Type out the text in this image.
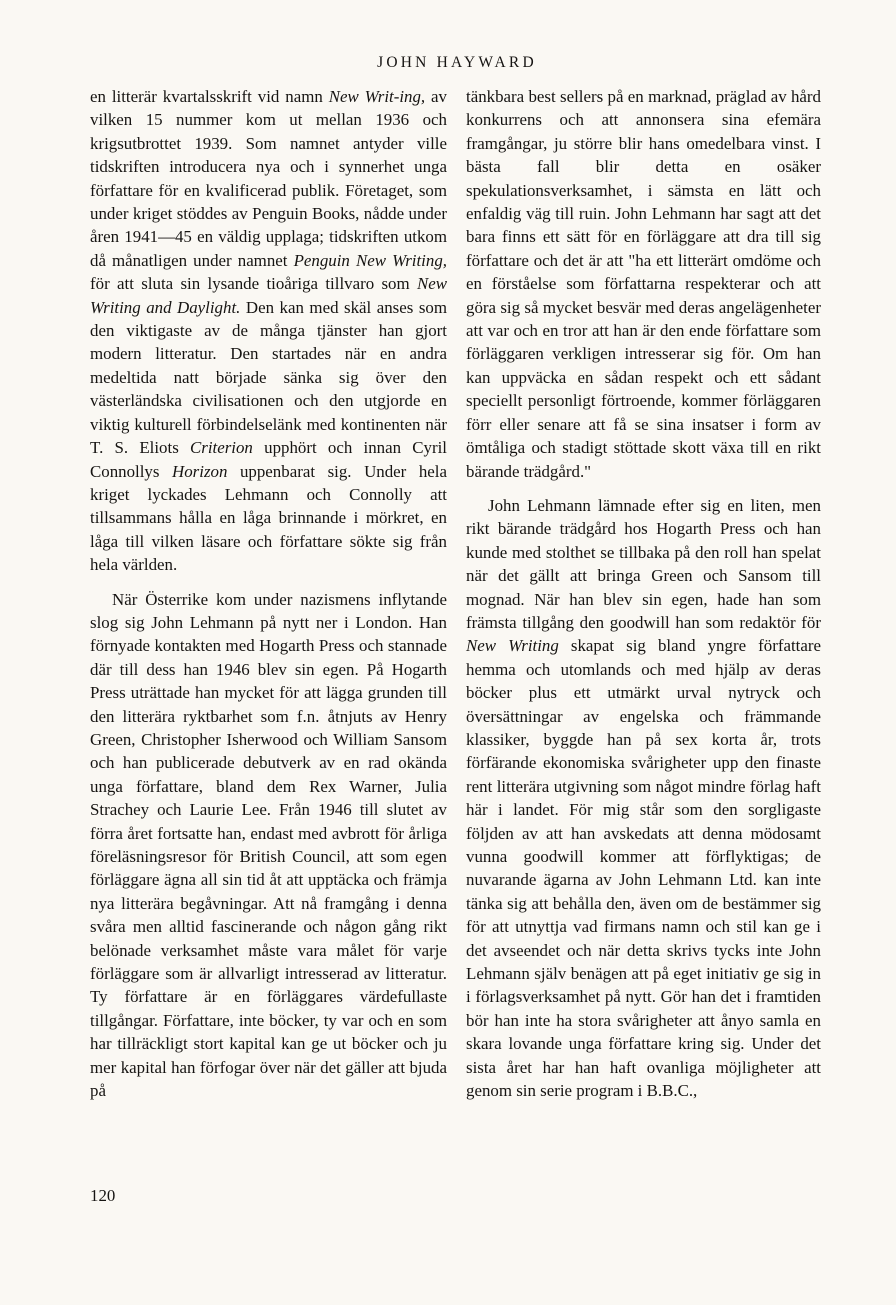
JOHN HAYWARD

en litterär kvartalsskrift vid namn New Writ-ing, av vilken 15 nummer kom ut mellan 1936 och krigsutbrottet 1939. Som namnet antyder ville tidskriften introducera nya och i synnerhet unga författare för en kvalificerad publik. Företaget, som under kriget stöddes av Penguin Books, nådde under åren 1941—45 en väldig upplaga; tidskriften utkom då månatligen under namnet Penguin New Writing, för att sluta sin lysande tioåriga tillvaro som New Writing and Daylight. Den kan med skäl anses som den viktigaste av de många tjänster han gjort modern litteratur. Den startades när en andra medeltida natt började sänka sig över den västerländska civilisationen och den utgjorde en viktig kulturell förbindelselänk med kontinenten när T. S. Eliots Criterion upphört och innan Cyril Connollys Horizon uppenbarat sig. Under hela kriget lyckades Lehmann och Connolly att tillsammans hålla en låga brinnande i mörkret, en låga till vilken läsare och författare sökte sig från hela världen.

När Österrike kom under nazismens inflytande slog sig John Lehmann på nytt ner i London. Han förnyade kontakten med Hogarth Press och stannade där till dess han 1946 blev sin egen. På Hogarth Press uträttade han mycket för att lägga grunden till den litterära ryktbarhet som f.n. åtnjuts av Henry Green, Christopher Isherwood och William Sansom och han publicerade debutverk av en rad okända unga författare, bland dem Rex Warner, Julia Strachey och Laurie Lee. Från 1946 till slutet av förra året fortsatte han, endast med avbrott för årliga föreläsningsresor för British Council, att som egen förläggare ägna all sin tid åt att upptäcka och främja nya litterära begåvningar. Att nå framgång i denna svåra men alltid fascinerande och någon gång rikt belönade verksamhet måste vara målet för varje förläggare som är allvarligt intresserad av litteratur. Ty författare är en förläggares värdefullaste tillgångar. Författare, inte böcker, ty var och en som har tillräckligt stort kapital kan ge ut böcker och ju mer kapital han förfogar över när det gäller att bjuda på

tänkbara best sellers på en marknad, präglad av hård konkurrens och att annonsera sina efemära framgångar, ju större blir hans omedelbara vinst. I bästa fall blir detta en osäker spekulationsverksamhet, i sämsta en lätt och enfaldig väg till ruin. John Lehmann har sagt att det bara finns ett sätt för en förläggare att dra till sig författare och det är att "ha ett litterärt omdöme och en förståelse som författarna respekterar och att göra sig så mycket besvär med deras angelägenheter att var och en tror att han är den ende författare som förläggaren verkligen intresserar sig för. Om han kan uppväcka en sådan respekt och ett sådant speciellt personligt förtroende, kommer förläggaren förr eller senare att få se sina insatser i form av ömtåliga och stadigt stöttade skott växa till en rikt bärande trädgård."

John Lehmann lämnade efter sig en liten, men rikt bärande trädgård hos Hogarth Press och han kunde med stolthet se tillbaka på den roll han spelat när det gällt att bringa Green och Sansom till mognad. När han blev sin egen, hade han som främsta tillgång den goodwill han som redaktör för New Writing skapat sig bland yngre författare hemma och utomlands och med hjälp av deras böcker plus ett utmärkt urval nytryck och översättningar av engelska och främmande klassiker, byggde han på sex korta år, trots förfärande ekonomiska svårigheter upp den finaste rent litterära utgivning som något mindre förlag haft här i landet. För mig står som den sorgligaste följden av att han avskedats att denna mödosamt vunna goodwill kommer att förflyktigas; de nuvarande ägarna av John Lehmann Ltd. kan inte tänka sig att behålla den, även om de bestämmer sig för att utnyttja vad firmans namn och stil kan ge i det avseendet och när detta skrivs tycks inte John Lehmann själv benägen att på eget initiativ ge sig in i förlagsverksamhet på nytt. Gör han det i framtiden bör han inte ha stora svårigheter att ånyo samla en skara lovande unga författare kring sig. Under det sista året har han haft ovanliga möjligheter att genom sin serie program i B.B.C.,

120
